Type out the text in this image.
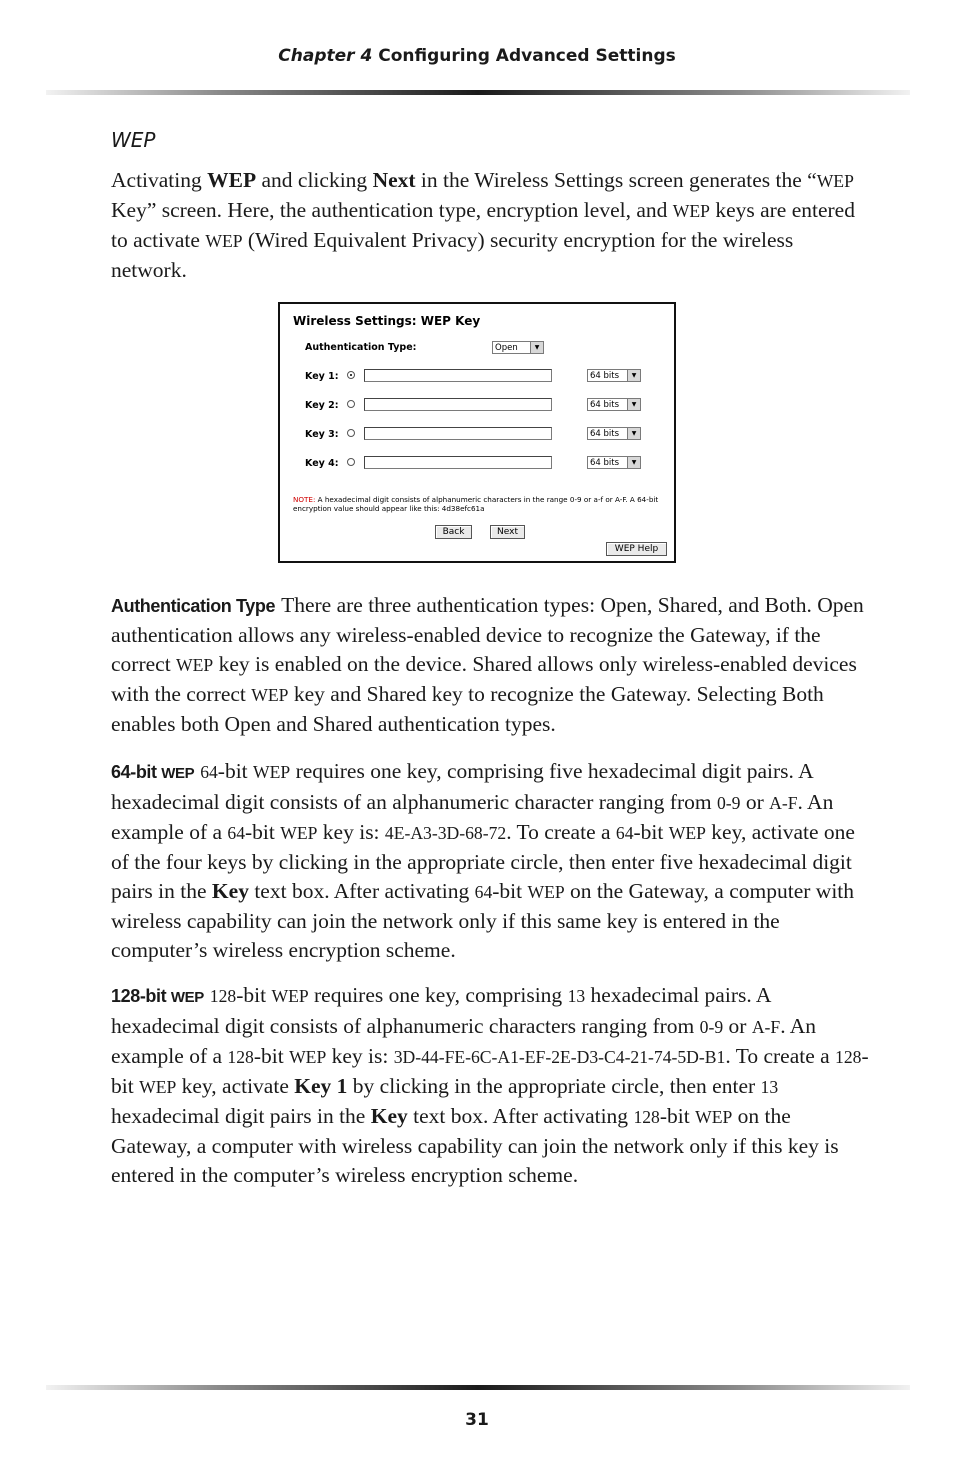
Chapter 4 Configuring Advanced Settings
WEP

Activating WEP and clicking Next in the Wireless Settings screen generates the “WEP Key” screen. Here, the authentication type, encryption level, and WEP keys are entered to activate WEP (Wired Equivalent Privacy) security encryption for the wireless network.

Wireless Settings: WEP Key
Authentication Type:	Open	▼
Key 1:	64 bits	▼
Key 2:	64 bits	▼
Key 3:	64 bits	▼
Key 4:	64 bits	▼
NOTE: A hexadecimal digit consists of alphanumeric characters in the range 0-9 or a-f or A-F. A 64-bit encryption value should appear like this: 4d38efc61a
Back	Next
WEP Help

Authentication Type There are three authentication types: Open, Shared, and Both. Open authentication allows any wireless-enabled device to recognize the Gateway, if the correct WEP key is enabled on the device. Shared allows only wireless-enabled devices with the correct WEP key and Shared key to recognize the Gateway. Selecting Both enables both Open and Shared authentication types.

64-bit WEP 64-bit WEP requires one key, comprising five hexadecimal digit pairs. A hexadecimal digit consists of an alphanumeric character ranging from 0-9 or A-F. An example of a 64-bit WEP key is: 4E-A3-3D-68-72. To create a 64-bit WEP key, activate one of the four keys by clicking in the appropriate circle, then enter five hexadecimal digit pairs in the Key text box. After activating 64-bit WEP on the Gateway, a computer with wireless capability can join the network only if this same key is entered in the computer’s wireless encryption scheme.

128-bit WEP 128-bit WEP requires one key, comprising 13 hexadecimal pairs. A hexadecimal digit consists of alphanumeric characters ranging from 0-9 or A-F. An example of a 128-bit WEP key is: 3D-44-FE-6C-A1-EF-2E-D3-C4-21-74-5D-B1. To create a 128-bit WEP key, activate Key 1 by clicking in the appropriate circle, then enter 13 hexadecimal digit pairs in the Key text box. After activating 128-bit WEP on the Gateway, a computer with wireless capability can join the network only if this key is entered in the computer’s wireless encryption scheme.

31
